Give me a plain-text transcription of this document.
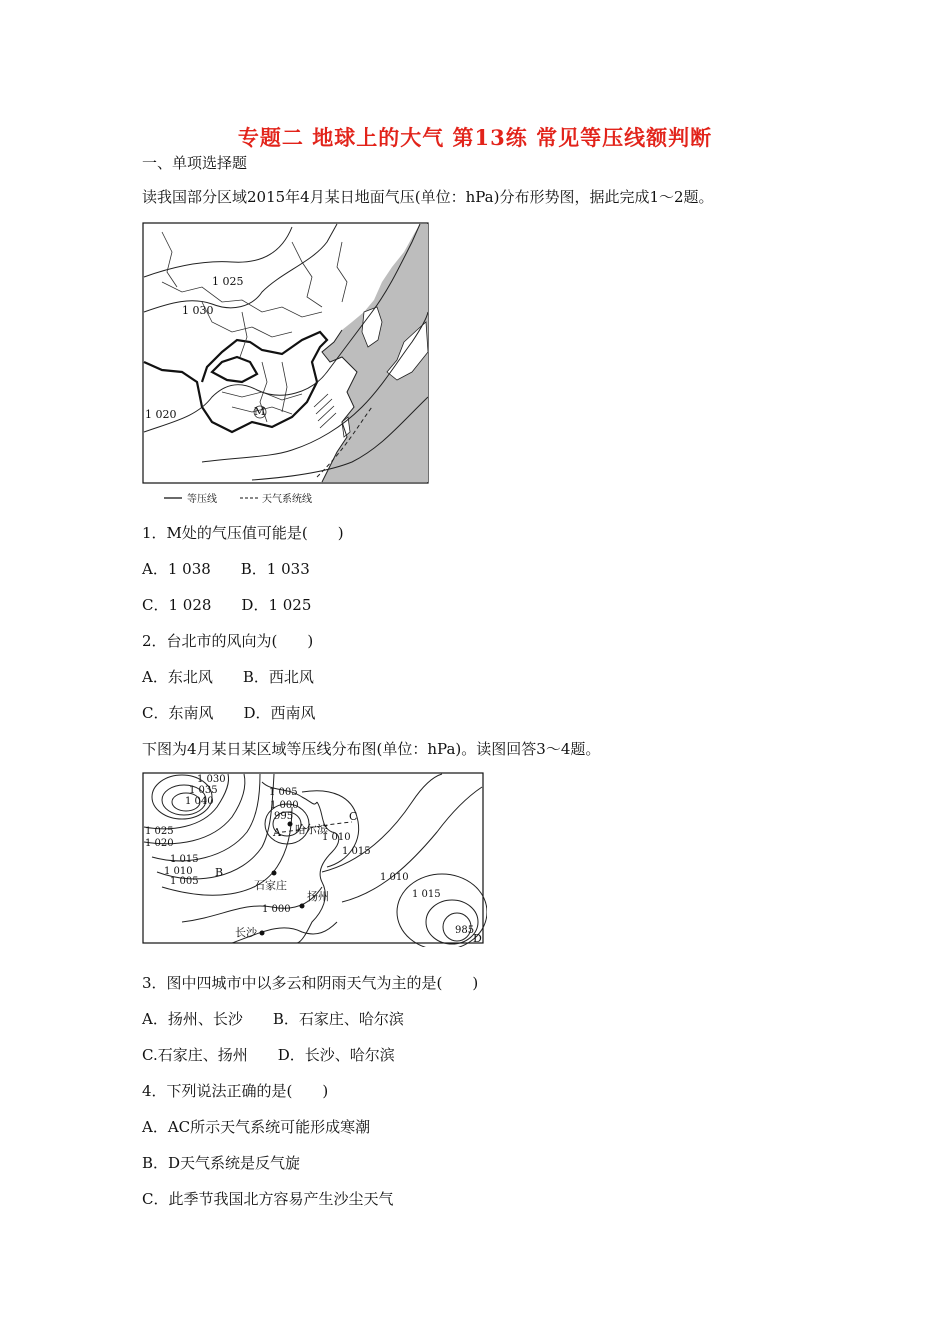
专题二 地球上的大气 第13练 常见等压线额判断
一、单项选择题
读我国部分区域2015年4月某日地面气压(单位：hPa)分布形势图，据此完成1～2题。
1 025
1 030
1 020	M
等压线	天气系统线
1．M处的气压值可能是(　　)
A．1 038　　B．1 033
C．1 028　　D．1 025
2．台北市的风向为(　　)
A．东北风　　B．西北风
C．东南风　　D．西南风
下图为4月某日某区域等压线分布图(单位：hPa)。读图回答3～4题。
1 030
1 035
1 040
1 025
1 020
1 015
1 010
1 005
1 005
1 000
995
1 010
1 015
1 010
1 015
1 000
985
A
B
C
D
哈尔滨
石家庄
扬州
长沙
3．图中四城市中以多云和阴雨天气为主的是(　　)
A．扬州、长沙　　B．石家庄、哈尔滨
C.石家庄、扬州　　D．长沙、哈尔滨
4．下列说法正确的是(　　)
A．AC所示天气系统可能形成寒潮
B．D天气系统是反气旋
C．此季节我国北方容易产生沙尘天气
